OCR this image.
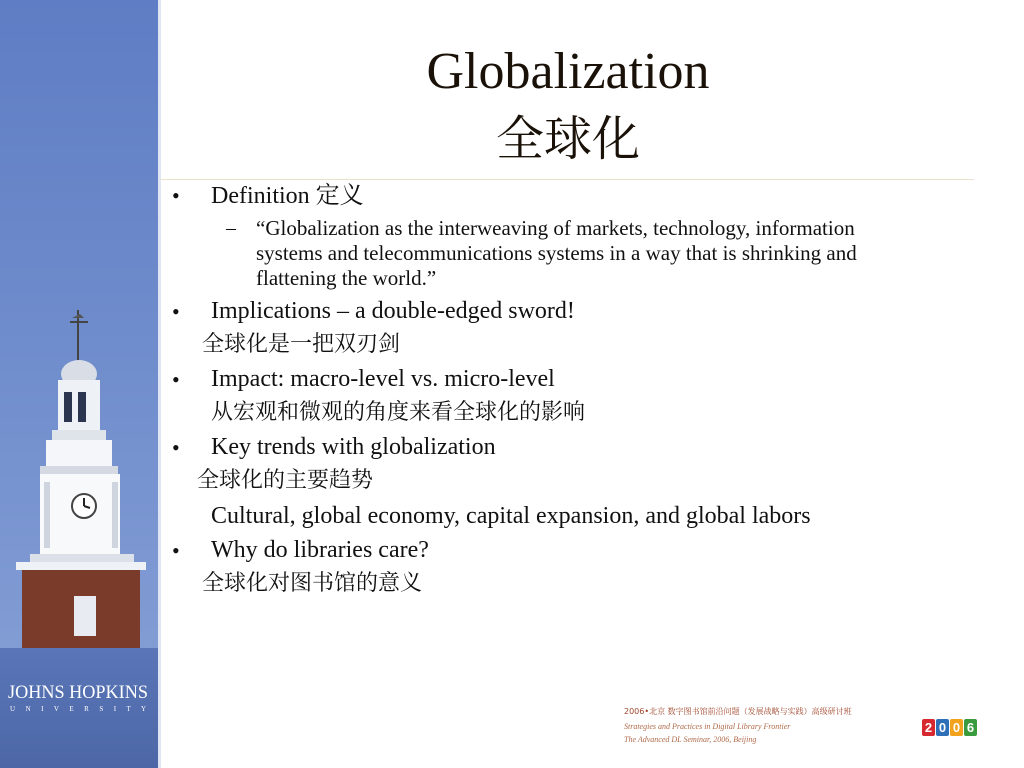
JOHNS HOPKINS
U N I V E R S I T Y
Globalization
全球化
• Definition 定义
– “Globalization as the interweaving of markets, technology, information
systems and telecommunications systems in a way that is shrinking and
flattening the world.”
• Implications – a double-edged sword!
全球化是一把双刃剑
• Impact: macro-level vs. micro-level
从宏观和微观的角度来看全球化的影响
• Key trends with globalization
全球化的主要趋势
Cultural, global economy, capital expansion, and global labors
• Why do libraries care?
全球化对图书馆的意义
2006•北京 数字图书馆前沿问题（发展战略与实践）高级研讨班
Strategies and Practices in Digital Library Frontier
The Advanced DL Seminar, 2006, Beijing
2 0 0 6
